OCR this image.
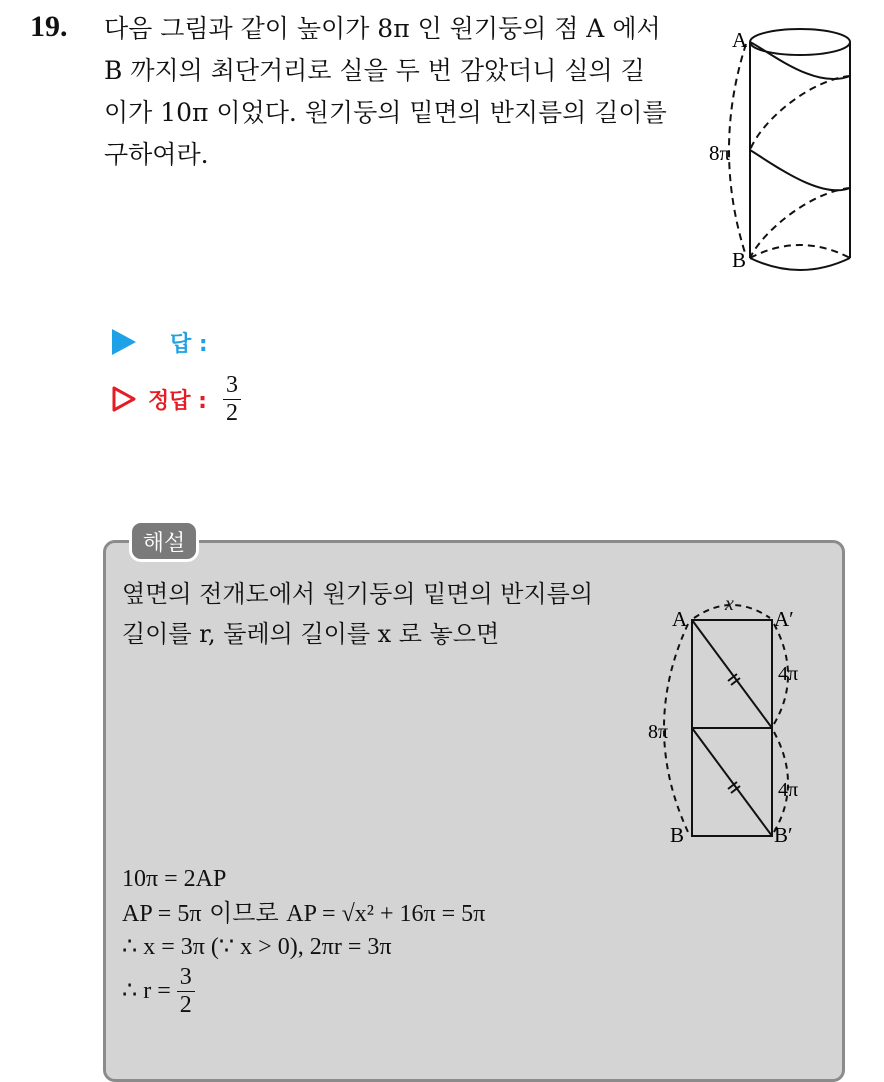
19. 다음 그림과 같이 높이가 8π 인 원기둥의 점 A 에서
B 까지의 최단거리로 실을 두 번 감았더니 실의 길
이가 10π 이었다. 원기둥의 밑면의 반지름의 길이를
구하여라.
A
B
8π
답 :
정답 : $\frac{3}{2}$
해설
옆면의 전개도에서 원기둥의 밑면의 반지름의
길이를 r, 둘레의 길이를 x 로 놓으면
A	A′
B	B′
x
8π
4π
4π
10π = 2AP
AP = 5π 이므로 AP = √x² + 16π = 5π
∴ x = 3π (∵ x > 0), 2πr = 3π
∴ $r = \frac{3}{2}$
